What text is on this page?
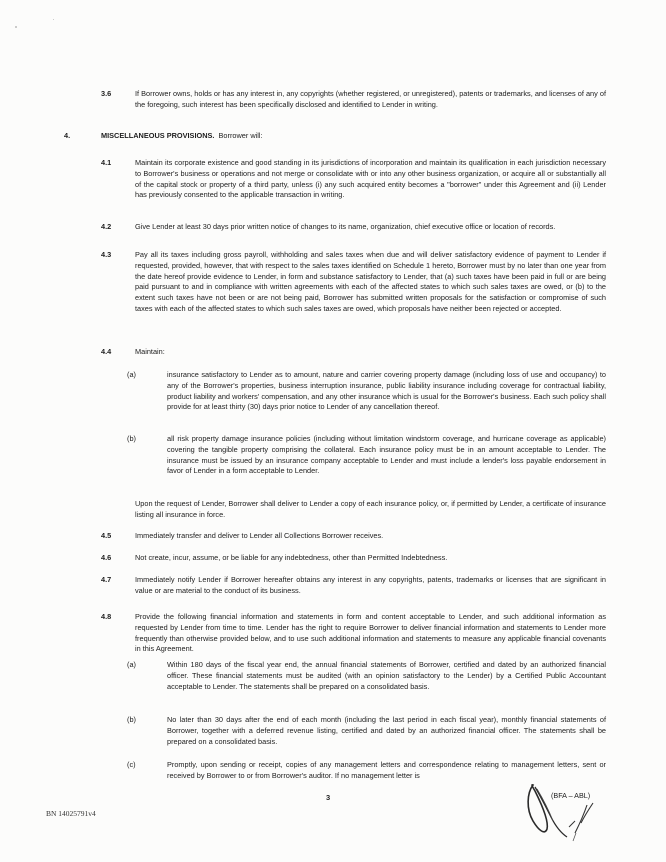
3.6	If Borrower owns, holds or has any interest in, any copyrights (whether registered, or unregistered), patents or trademarks, and licenses of any of the foregoing, such interest has been specifically disclosed and identified to Lender in writing.
4.	MISCELLANEOUS PROVISIONS. Borrower will:
4.1	Maintain its corporate existence and good standing in its jurisdictions of incorporation and maintain its qualification in each jurisdiction necessary to Borrower's business or operations and not merge or consolidate with or into any other business organization, or acquire all or substantially all of the capital stock or property of a third party, unless (i) any such acquired entity becomes a "borrower" under this Agreement and (ii) Lender has previously consented to the applicable transaction in writing.
4.2	Give Lender at least 30 days prior written notice of changes to its name, organization, chief executive office or location of records.
4.3	Pay all its taxes including gross payroll, withholding and sales taxes when due and will deliver satisfactory evidence of payment to Lender if requested, provided, however, that with respect to the sales taxes identified on Schedule 1 hereto, Borrower must by no later than one year from the date hereof provide evidence to Lender, in form and substance satisfactory to Lender, that (a) such taxes have been paid in full or are being paid pursuant to and in compliance with written agreements with each of the affected states to which such sales taxes are owed, or (b) to the extent such taxes have not been or are not being paid, Borrower has submitted written proposals for the satisfaction or compromise of such taxes with each of the affected states to which such sales taxes are owed, which proposals have neither been rejected or accepted.
4.4	Maintain:
(a)	insurance satisfactory to Lender as to amount, nature and carrier covering property damage (including loss of use and occupancy) to any of the Borrower's properties, business interruption insurance, public liability insurance including coverage for contractual liability, product liability and workers' compensation, and any other insurance which is usual for the Borrower's business. Each such policy shall provide for at least thirty (30) days prior notice to Lender of any cancellation thereof.
(b)	all risk property damage insurance policies (including without limitation windstorm coverage, and hurricane coverage as applicable) covering the tangible property comprising the collateral. Each insurance policy must be in an amount acceptable to Lender. The insurance must be issued by an insurance company acceptable to Lender and must include a lender's loss payable endorsement in favor of Lender in a form acceptable to Lender.
Upon the request of Lender, Borrower shall deliver to Lender a copy of each insurance policy, or, if permitted by Lender, a certificate of insurance listing all insurance in force.
4.5	Immediately transfer and deliver to Lender all Collections Borrower receives.
4.6	Not create, incur, assume, or be liable for any indebtedness, other than Permitted Indebtedness.
4.7	Immediately notify Lender if Borrower hereafter obtains any interest in any copyrights, patents, trademarks or licenses that are significant in value or are material to the conduct of its business.
4.8	Provide the following financial information and statements in form and content acceptable to Lender, and such additional information as requested by Lender from time to time. Lender has the right to require Borrower to deliver financial information and statements to Lender more frequently than otherwise provided below, and to use such additional information and statements to measure any applicable financial covenants in this Agreement.
(a)	Within 180 days of the fiscal year end, the annual financial statements of Borrower, certified and dated by an authorized financial officer. These financial statements must be audited (with an opinion satisfactory to the Lender) by a Certified Public Accountant acceptable to Lender. The statements shall be prepared on a consolidated basis.
(b)	No later than 30 days after the end of each month (including the last period in each fiscal year), monthly financial statements of Borrower, together with a deferred revenue listing, certified and dated by an authorized financial officer. The statements shall be prepared on a consolidated basis.
(c)	Promptly, upon sending or receipt, copies of any management letters and correspondence relating to management letters, sent or received by Borrower to or from Borrower's auditor. If no management letter is
BN 14025791v4
3	(BFA – ABL)
